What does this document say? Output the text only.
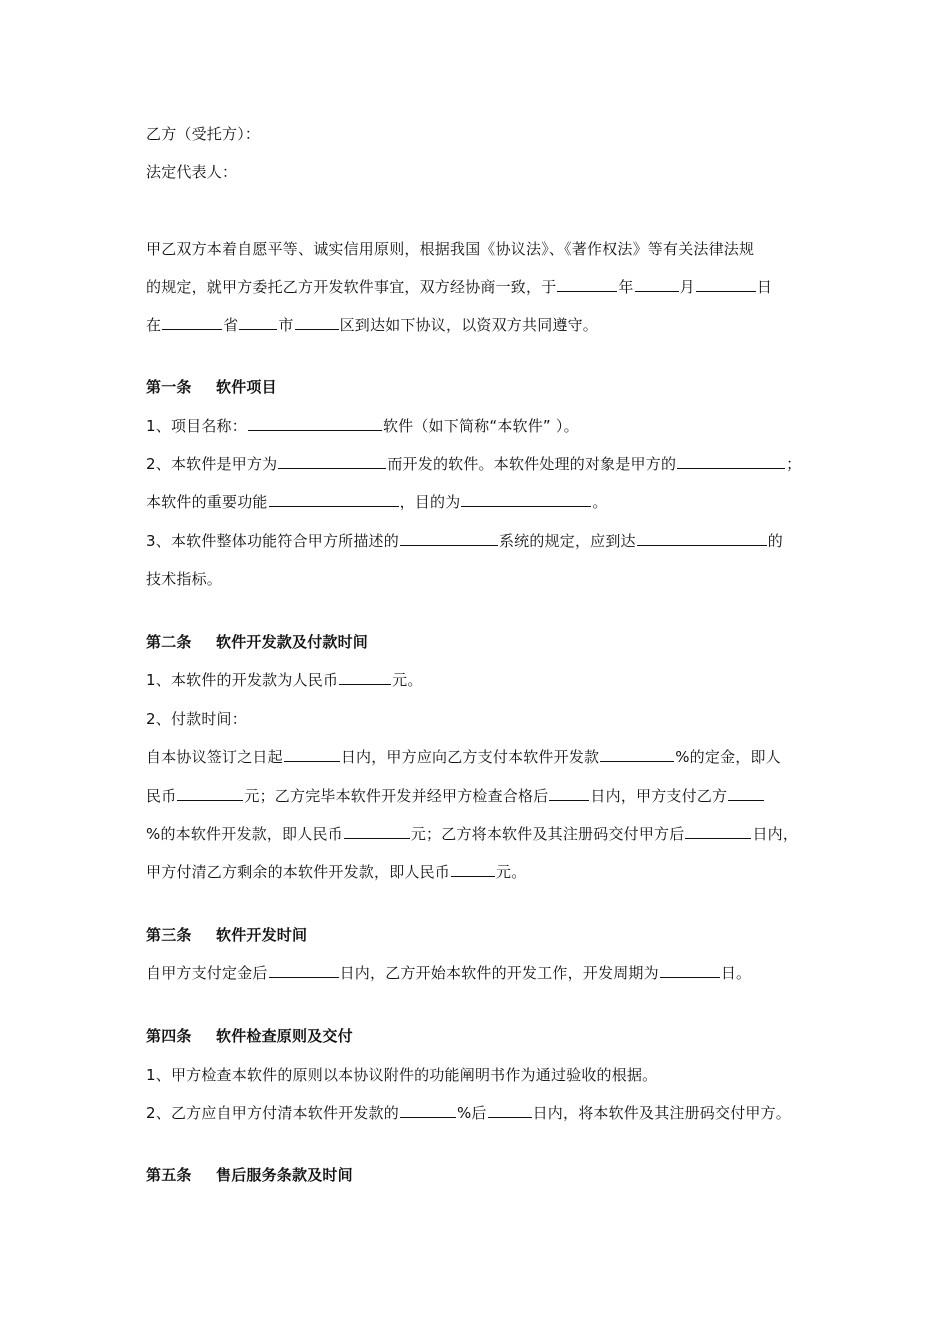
乙方（受托方）：
法定代表人：
甲乙双方本着自愿平等、诚实信用原则，根据我国《协议法》、《著作权法》等有关法律法规
的规定，就甲方委托乙方开发软件事宜，双方经协商一致，于	年	月	日
在	省	市	区到达如下协议，以资双方共同遵守。
第一条 软件项目
1、项目名称：	软件（如下简称“本软件” ）。
2、本软件是甲方为	而开发的软件。本软件处理的对象是甲方的	；
本软件的重要功能	，目的为	。
3、本软件整体功能符合甲方所描述的	系统的规定，应到达	的
技术指标。
第二条 软件开发款及付款时间
1、本软件的开发款为人民币	元。
2、付款时间：
自本协议签订之日起	日内，甲方应向乙方支付本软件开发款	%的定金，即人
民币	元；乙方完毕本软件开发并经甲方检查合格后	日内，甲方支付乙方
%的本软件开发款，即人民币	元；乙方将本软件及其注册码交付甲方后	日内，
甲方付清乙方剩余的本软件开发款，即人民币	元。
第三条 软件开发时间
自甲方支付定金后	日内，乙方开始本软件的开发工作，开发周期为	日。
第四条 软件检查原则及交付
1、甲方检查本软件的原则以本协议附件的功能阐明书作为通过验收的根据。
2、乙方应自甲方付清本软件开发款的	%后	日内，将本软件及其注册码交付甲方。
第五条 售后服务条款及时间
